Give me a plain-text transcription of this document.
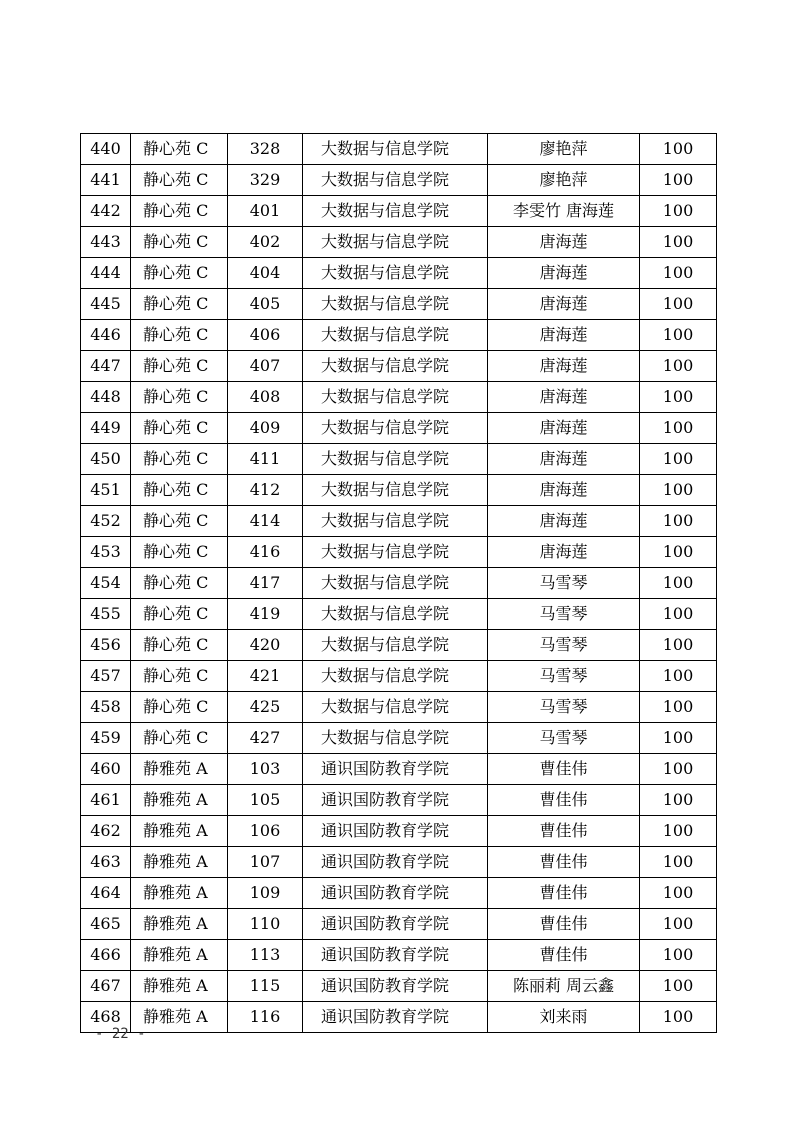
440	静心苑 C	328	大数据与信息学院	廖艳萍	100
441	静心苑 C	329	大数据与信息学院	廖艳萍	100
442	静心苑 C	401	大数据与信息学院	李雯竹 唐海莲	100
443	静心苑 C	402	大数据与信息学院	唐海莲	100
444	静心苑 C	404	大数据与信息学院	唐海莲	100
445	静心苑 C	405	大数据与信息学院	唐海莲	100
446	静心苑 C	406	大数据与信息学院	唐海莲	100
447	静心苑 C	407	大数据与信息学院	唐海莲	100
448	静心苑 C	408	大数据与信息学院	唐海莲	100
449	静心苑 C	409	大数据与信息学院	唐海莲	100
450	静心苑 C	411	大数据与信息学院	唐海莲	100
451	静心苑 C	412	大数据与信息学院	唐海莲	100
452	静心苑 C	414	大数据与信息学院	唐海莲	100
453	静心苑 C	416	大数据与信息学院	唐海莲	100
454	静心苑 C	417	大数据与信息学院	马雪琴	100
455	静心苑 C	419	大数据与信息学院	马雪琴	100
456	静心苑 C	420	大数据与信息学院	马雪琴	100
457	静心苑 C	421	大数据与信息学院	马雪琴	100
458	静心苑 C	425	大数据与信息学院	马雪琴	100
459	静心苑 C	427	大数据与信息学院	马雪琴	100
460	静雅苑 A	103	通识国防教育学院	曹佳伟	100
461	静雅苑 A	105	通识国防教育学院	曹佳伟	100
462	静雅苑 A	106	通识国防教育学院	曹佳伟	100
463	静雅苑 A	107	通识国防教育学院	曹佳伟	100
464	静雅苑 A	109	通识国防教育学院	曹佳伟	100
465	静雅苑 A	110	通识国防教育学院	曹佳伟	100
466	静雅苑 A	113	通识国防教育学院	曹佳伟	100
467	静雅苑 A	115	通识国防教育学院	陈丽莉 周云鑫	100
468	静雅苑 A	116	通识国防教育学院	刘来雨	100
- 22 -
